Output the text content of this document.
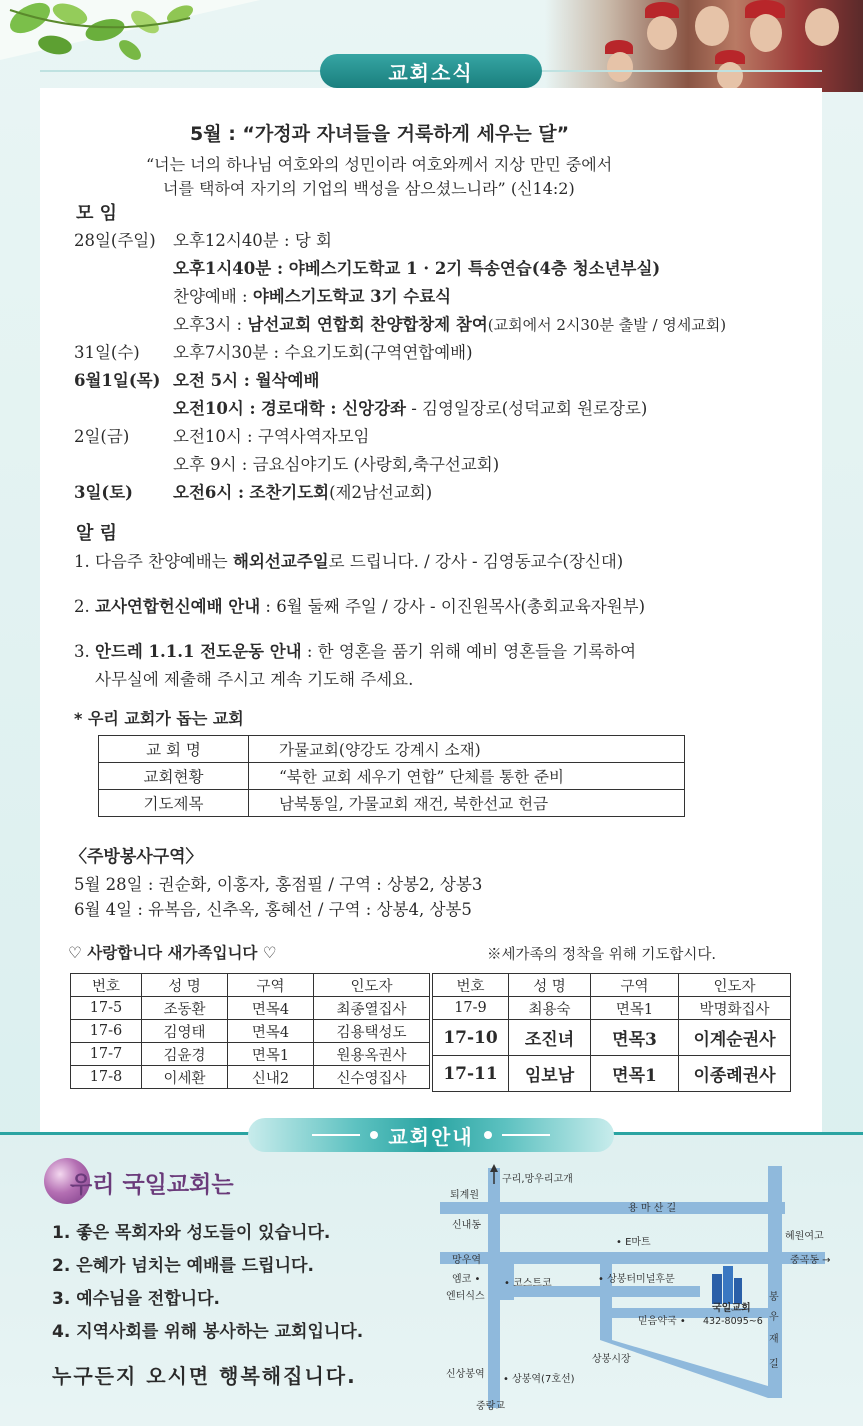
교회소식
5월 : “가정과 자녀들을 거룩하게 세우는 달”
“너는 너의 하나님 여호와의 성민이라 여호와께서 지상 만민 중에서
너를 택하여 자기의 기업의 백성을 삼으셨느니라” (신14:2)
모 임
28일(주일) 오후12시40분 : 당 회
오후1시40분 : 야베스기도학교 1 · 2기 특송연습(4층 청소년부실)
찬양예배 : 야베스기도학교 3기 수료식
오후3시 : 남선교회 연합회 찬양합창제 참여(교회에서 2시30분 출발 / 영세교회)
31일(수) 오후7시30분 : 수요기도회(구역연합예배)
6월1일(목) 오전 5시 : 월삭예배
오전10시 : 경로대학 : 신앙강좌 - 김영일장로(성덕교회 원로장로)
2일(금)	오전10시 : 구역사역자모임
오후 9시 : 금요심야기도 (사랑회,축구선교회)
3일(토) 오전6시 : 조찬기도회(제2남선교회)
알 림
1. 다음주 찬양예배는 해외선교주일로 드립니다. / 강사 - 김영동교수(장신대)
2. 교사연합헌신예배 안내 : 6월 둘째 주일 / 강사 - 이진원목사(총회교육자원부)
3. 안드레 1.1.1 전도운동 안내 : 한 영혼을 품기 위해 예비 영혼들을 기록하여
사무실에 제출해 주시고 계속 기도해 주세요.
* 우리 교회가 돕는 교회
교 회 명	가물교회(양강도 강계시 소재)
교회현황	“북한 교회 세우기 연합” 단체를 통한 준비
기도제목	남북통일, 가물교회 재건, 북한선교 헌금
〈주방봉사구역〉
5월 28일 : 권순화, 이홍자, 홍점필 / 구역 : 상봉2, 상봉3
6월 4일 : 유복음, 신추옥, 홍혜선 / 구역 : 상봉4, 상봉5
♡ 사랑합니다 새가족입니다 ♡	※세가족의 정착을 위해 기도합시다.
번호	성 명	구역	인도자
17-5	조동환	면목4	최종열집사
17-6	김영태	면목4	김용택성도
17-7	김윤경	면목1	원용옥권사
17-8	이세환	신내2	신수영집사
번호	성 명	구역	인도자
17-9	최용숙	면목1	박명화집사
17-10	조진녀	면목3	이계순권사
17-11	임보남	면목1	이종례권사
교회안내
우리 국일교회는
1. 좋은 목회자와 성도들이 있습니다.
2. 은혜가 넘치는 예배를 드립니다.
3. 예수님을 전합니다.
4. 지역사회를 위해 봉사하는 교회입니다.
누구든지 오시면 행복해집니다.
구리,망우리고개
퇴계원
용 마 산 길
신내동
혜원여고
• E마트
망우역	중곡동 →
엠코 •
엔터식스
• 코스트코	• 상봉터미널후문
국일교회
432-8095~6
믿음약국 •
상봉시장
봉
우
재
길
신상봉역 • 상봉역(7호선)
중랑교
